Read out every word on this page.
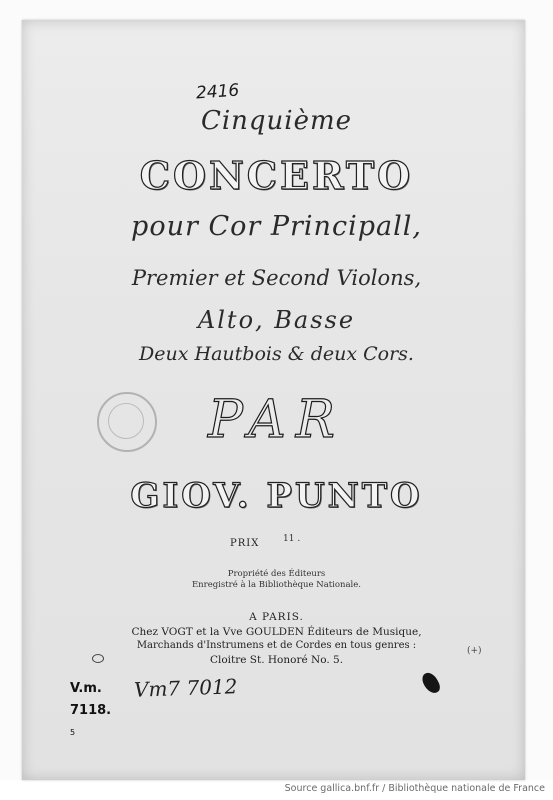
2416
Cinquième
CONCERTO
pour Cor Principall,
Premier et Second Violons,
Alto, Basse
Deux Hautbois & deux Cors.
PAR
GIOV. PUNTO
PRIX	11 .
Propriété des Éditeurs
Enregistré à la Bibliothèque Nationale.
A PARIS.
Chez VOGT et la Vve GOULDEN Éditeurs de Musique,
Marchands d'Instrumens et de Cordes en tous genres :
Cloitre St. Honoré No. 5.
(+)
V.m.
7118.
5
Vm7 7012
Source gallica.bnf.fr / Bibliothèque nationale de France
